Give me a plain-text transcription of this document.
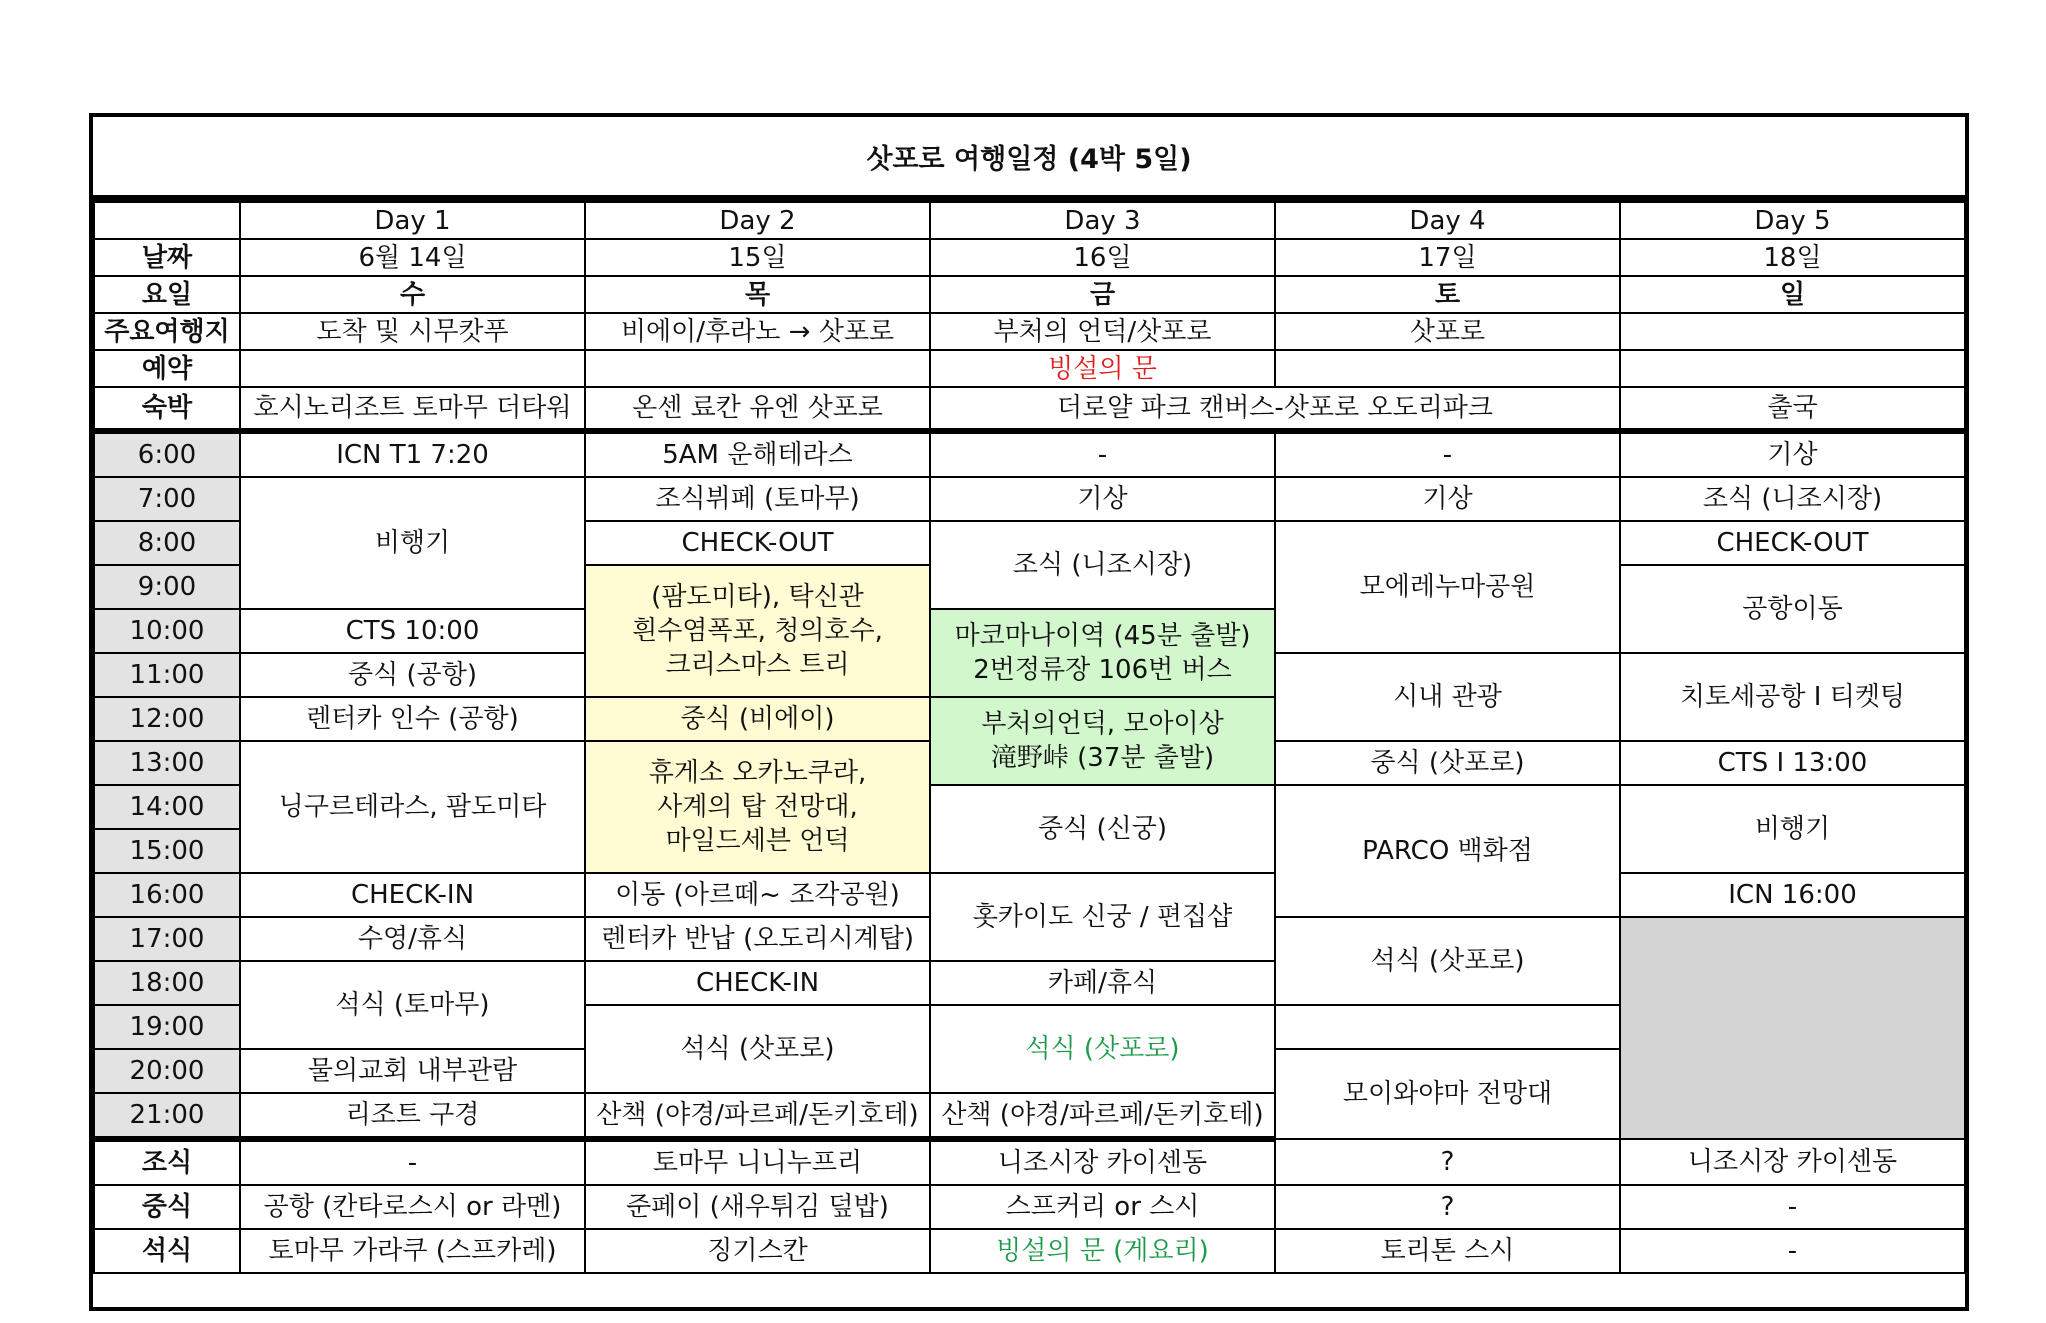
삿포로 여행일정 (4박 5일)
	Day 1	Day 2	Day 3	Day 4	Day 5
날짜	6월 14일	15일	16일	17일	18일
요일	수	목	금	토	일
주요여행지	도착 및 시무캇푸	비에이/후라노 → 삿포로	부처의 언덕/삿포로	삿포로	
예약			빙설의 문		
숙박	호시노리조트 토마무 더타워	온센 료칸 유엔 삿포로	더로얄 파크 캔버스-삿포로 오도리파크		출국
6:00	ICN T1 7:20	5AM 운해테라스	-	-	기상
7:00	비행기	조식뷔페 (토마무)	기상	기상	조식 (니조시장)
8:00		CHECK-OUT	조식 (니조시장)	모에레누마공원	CHECK-OUT
9:00		(팜도미타), 탁신관
흰수염폭포, 청의호수,
크리스마스 트리			공항이동
10:00	CTS 10:00		마코마나이역 (45분 출발)
2번정류장 106번 버스		

11:00	중식 (공항)			시내 관광	치토세공항 I 티켓팅
12:00	렌터카 인수 (공항)	중식 (비에이)	부처의언덕, 모아이상
滝野峠 (37분 출발)		

13:00	닝구르테라스, 팜도미타	휴게소 오카노쿠라,
사계의 탑 전망대,
마일드세븐 언덕		중식 (삿포로)	CTS I 13:00
14:00			중식 (신궁)	PARCO 백화점	비행기
15:00					
16:00	CHECK-IN	이동 (아르떼~ 조각공원)	홋카이도 신궁 / 편집샵		ICN 16:00
17:00	수영/휴식	렌터카 반납 (오도리시계탑)		석식 (삿포로)	
18:00	석식 (토마무)	CHECK-IN	카페/휴식		
19:00		석식 (삿포로)	석식 (삿포로)		
20:00	물의교회 내부관람			모이와야마 전망대	
21:00	리조트 구경	산책 (야경/파르페/돈키호테)	산책 (야경/파르페/돈키호테)		
조식	-	토마무 니니누프리	니조시장 카이센동	?	니조시장 카이센동
중식	공항 (칸타로스시 or 라멘)	준페이 (새우튀김 덮밥)	스프커리 or 스시	?	-
석식	토마무 가라쿠 (스프카레)	징기스칸	빙설의 문 (게요리)	토리톤 스시	-
